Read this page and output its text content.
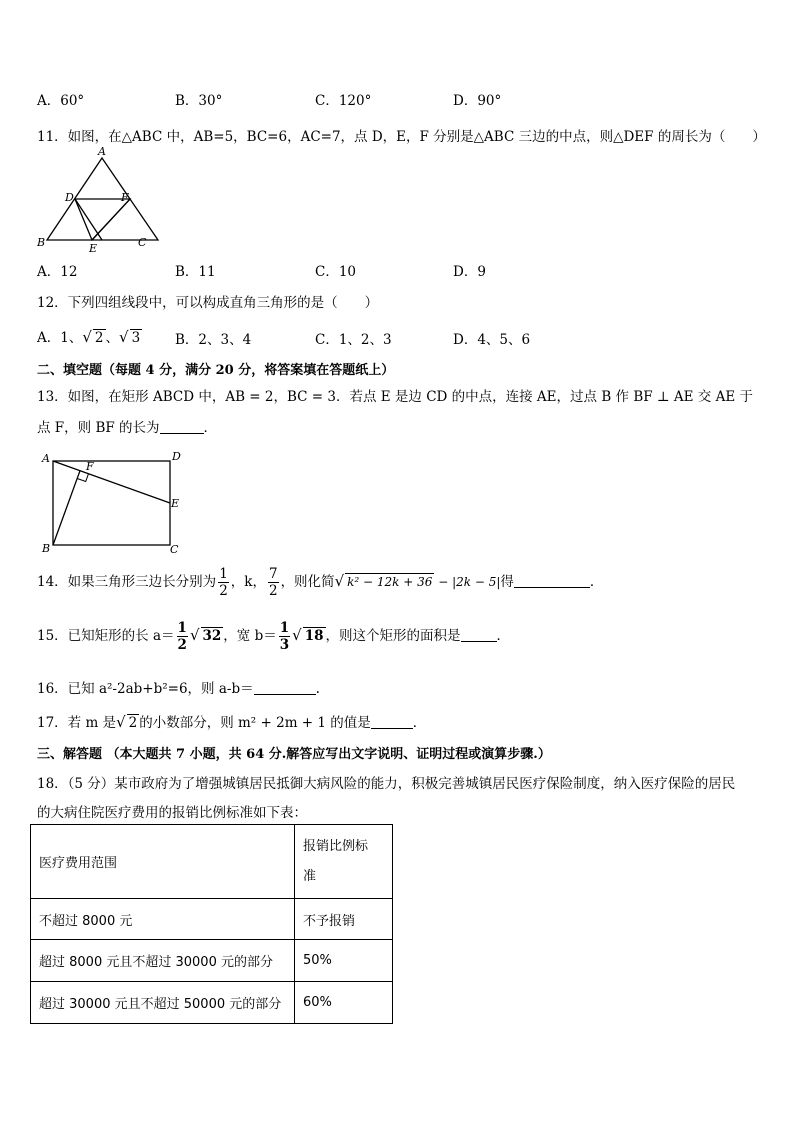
A．60°	B．30°	C．120°	D．90°
11．如图，在△ABC 中，AB=5，BC=6，AC=7，点 D，E，F 分别是△ABC 三边的中点，则△DEF 的周长为（　　）
A
B	C
D
E
F
A．12	B．11	C．10	D．9
12．下列四组线段中，可以构成直角三角形的是（　　）
A．1、√ 2 、√ 3	B．2、3、4	C．1、2、3	D．4、5、6
二、填空题（每题 4 分，满分 20 分，将答案填在答题纸上）
13．如图，在矩形 ABCD 中，AB = 2，BC = 3．若点 E 是边 CD 的中点，连接 AE，过点 B 作 BF ⊥ AE 交 AE 于
点 F，则 BF 的长为	．
A	D
F
E
B	C
14．如果三角形三边长分别为 $\frac{1}{2}$ ，k， $\frac{7}{2}$ ，则化简√ k² − 12k + 36 − |2k − 5|得	．
15．已知矩形的长 $a= \frac{1}{2}$ √ 32 ，宽 $b= \frac{1}{3}$ √ 18 ，则这个矩形的面积是	．
16．已知 a²-2ab+b²=6，则 a-b＝	.
17．若 m 是√ 2 的小数部分，则 m² + 2m + 1 的值是	．
三、解答题 （本大题共 7 小题，共 64 分.解答应写出文字说明、证明过程或演算步骤.）
18．（5 分）某市政府为了增强城镇居民抵御大病风险的能力，积极完善城镇居民医疗保险制度，纳入医疗保险的居民
的大病住院医疗费用的报销比例标准如下表：
医疗费用范围	报销比例标
准
不超过 8000 元	不予报销
超过 8000 元且不超过 30000 元的部分	50%
超过 30000 元且不超过 50000 元的部分	60%
